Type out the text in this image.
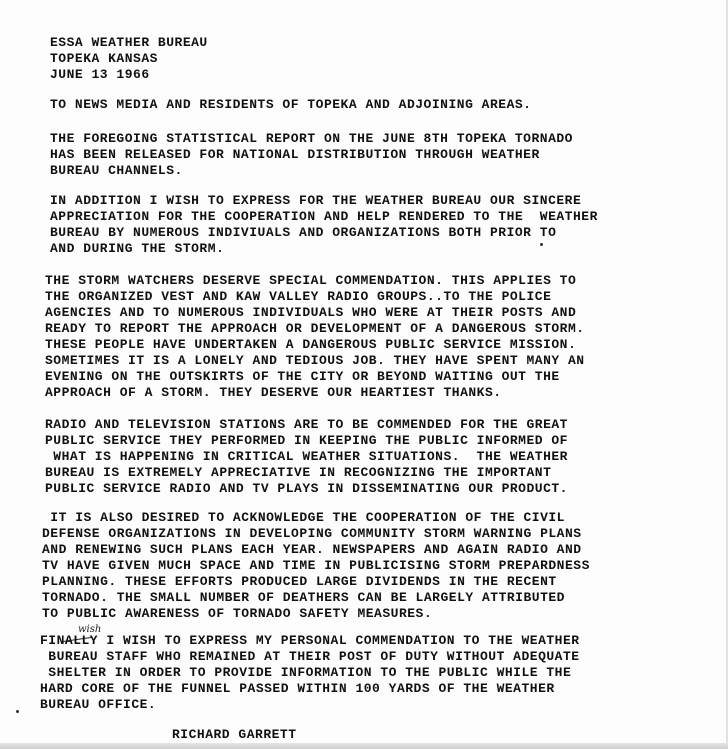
ESSA WEATHER BUREAU
TOPEKA KANSAS
JUNE 13 1966
TO NEWS MEDIA AND RESIDENTS OF TOPEKA AND ADJOINING AREAS.
THE FOREGOING STATISTICAL REPORT ON THE JUNE 8TH TOPEKA TORNADO
HAS BEEN RELEASED FOR NATIONAL DISTRIBUTION THROUGH WEATHER
BUREAU CHANNELS.
IN ADDITION I WISH TO EXPRESS FOR THE WEATHER BUREAU OUR SINCERE
APPRECIATION FOR THE COOPERATION AND HELP RENDERED TO THE  WEATHER
BUREAU BY NUMEROUS INDIVIUALS AND ORGANIZATIONS BOTH PRIOR TO
AND DURING THE STORM.
THE STORM WATCHERS DESERVE SPECIAL COMMENDATION. THIS APPLIES TO
THE ORGANIZED VEST AND KAW VALLEY RADIO GROUPS..TO THE POLICE
AGENCIES AND TO NUMEROUS INDIVIDUALS WHO WERE AT THEIR POSTS AND
READY TO REPORT THE APPROACH OR DEVELOPMENT OF A DANGEROUS STORM.
THESE PEOPLE HAVE UNDERTAKEN A DANGEROUS PUBLIC SERVICE MISSION.
SOMETIMES IT IS A LONELY AND TEDIOUS JOB. THEY HAVE SPENT MANY AN
EVENING ON THE OUTSKIRTS OF THE CITY OR BEYOND WAITING OUT THE
APPROACH OF A STORM. THEY DESERVE OUR HEARTIEST THANKS.
RADIO AND TELEVISION STATIONS ARE TO BE COMMENDED FOR THE GREAT
PUBLIC SERVICE THEY PERFORMED IN KEEPING THE PUBLIC INFORMED OF
WHAT IS HAPPENING IN CRITICAL WEATHER SITUATIONS.  THE WEATHER
BUREAU IS EXTREMELY APPRECIATIVE IN RECOGNIZING THE IMPORTANT
PUBLIC SERVICE RADIO AND TV PLAYS IN DISSEMINATING OUR PRODUCT.
IT IS ALSO DESIRED TO ACKNOWLEDGE THE COOPERATION OF THE CIVIL
DEFENSE ORGANIZATIONS IN DEVELOPING COMMUNITY STORM WARNING PLANS
AND RENEWING SUCH PLANS EACH YEAR. NEWSPAPERS AND AGAIN RADIO AND
TV HAVE GIVEN MUCH SPACE AND TIME IN PUBLICISING STORM PREPARDNESS
PLANNING. THESE EFFORTS PRODUCED LARGE DIVIDENDS IN THE RECENT
TORNADO. THE SMALL NUMBER OF DEATHERS CAN BE LARGELY ATTRIBUTED
TO PUBLIC AWARENESS OF TORNADO SAFETY MEASURES.
wish
FINALLY I WISH TO EXPRESS MY PERSONAL COMMENDATION TO THE WEATHER
BUREAU STAFF WHO REMAINED AT THEIR POST OF DUTY WITHOUT ADEQUATE
SHELTER IN ORDER TO PROVIDE INFORMATION TO THE PUBLIC WHILE THE
HARD CORE OF THE FUNNEL PASSED WITHIN 100 YARDS OF THE WEATHER
BUREAU OFFICE.
RICHARD GARRETT
